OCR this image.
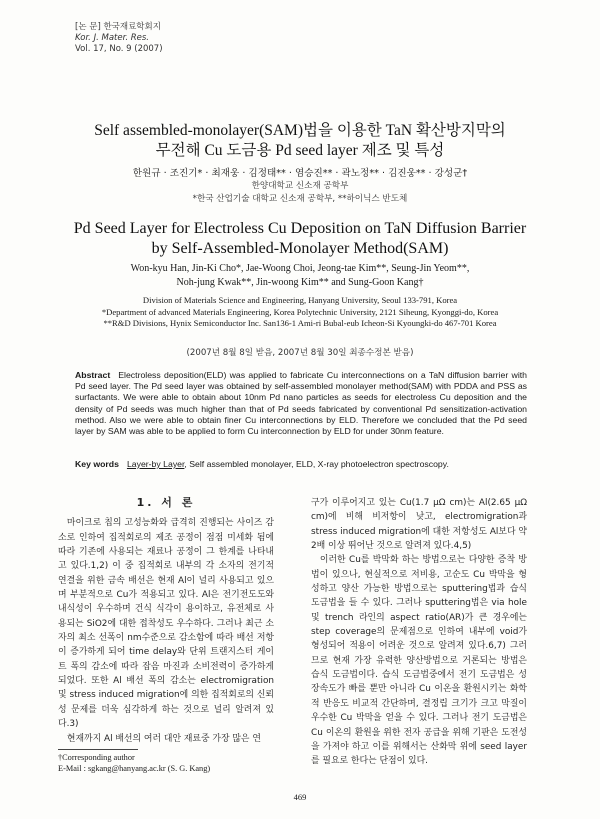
[논 문] 한국재료학회지
Kor. J. Mater. Res.
Vol. 17, No. 9 (2007)
Self assembled-monolayer(SAM)법을 이용한 TaN 확산방지막의
무전해 Cu 도금용 Pd seed layer 제조 및 특성
한원규 · 조진기* · 최재웅 · 김정태** · 염승진** · 곽노정** · 김진웅** · 강성군†
한양대학교 신소재 공학부
*한국 산업기술 대학교 신소재 공학부, **하이닉스 반도체
Pd Seed Layer for Electroless Cu Deposition on TaN Diffusion Barrier
by Self-Assembled-Monolayer Method(SAM)
Won-kyu Han, Jin-Ki Cho*, Jae-Woong Choi, Jeong-tae Kim**, Seung-Jin Yeom**,
Noh-jung Kwak**, Jin-woong Kim** and Sung-Goon Kang†
Division of Materials Science and Engineering, Hanyang University, Seoul 133-791, Korea
*Department of advanced Materials Engineering, Korea Polytechnic University, 2121 Siheung, Kyonggi-do, Korea
**R&D Divisions, Hynix Semiconductor Inc. San136-1 Ami-ri Bubal-eub Icheon-Si Kyoungki-do 467-701 Korea
(2007년 8월 8일 받음, 2007년 8월 30일 최종수정본 받음)
Abstract Electroless deposition(ELD) was applied to fabricate Cu interconnections on a TaN diffusion barrier with Pd seed layer. The Pd seed layer was obtained by self-assembled monolayer method(SAM) with PDDA and PSS as surfactants. We were able to obtain about 10nm Pd nano particles as seeds for electroless Cu deposition and the density of Pd seeds was much higher than that of Pd seeds fabricated by conventional Pd sensitization-activation method. Also we were able to obtain finer Cu interconnections by ELD. Therefore we concluded that the Pd seed layer by SAM was able to be applied to form Cu interconnection by ELD for under 30nm feature.
Key words Layer-by Layer, Self assembled monolayer, ELD, X-ray photoelectron spectroscopy.
1. 서 론

마이크로 칩의 고성능화와 급격히 진행되는 사이즈 감소로 인하여 집적회로의 제조 공정이 점점 미세화 됨에 따라 기존에 사용되는 재료나 공정이 그 한계를 나타내고 있다.1,2) 이 중 집적회로 내부의 각 소자의 전기적 연결을 위한 금속 배선은 현재 Al이 널리 사용되고 있으며 부분적으로 Cu가 적용되고 있다. Al은 전기전도도와 내식성이 우수하며 건식 식각이 용이하고, 유전체로 사용되는 SiO2에 대한 접착성도 우수하다. 그러나 최근 소자의 최소 선폭이 nm수준으로 감소함에 따라 배선 저항이 증가하게 되어 time delay와 단위 트랜지스터 게이트 폭의 감소에 따라 잡음 마진과 소비전력이 증가하게 되었다. 또한 Al 배선 폭의 감소는 electromigration 및 stress induced migration에 의한 집적회로의 신뢰성 문제를 더욱 심각하게 하는 것으로 널리 알려져 있다.3)

현재까지 Al 배선의 여러 대안 재료중 가장 많은 연

구가 이루어지고 있는 Cu(1.7 μΩ cm)는 Al(2.65 μΩ cm)에 비해 비저항이 낮고, electromigration과 stress induced migration에 대한 저항성도 Al보다 약 2배 이상 뛰어난 것으로 알려져 있다.4,5)

이러한 Cu를 박막화 하는 방법으로는 다양한 증착 방법이 있으나, 현실적으로 저비용, 고순도 Cu 박막을 형성하고 양산 가능한 방법으로는 sputtering법과 습식 도금법을 들 수 있다. 그러나 sputtering법은 via hole 및 trench 라인의 aspect ratio(AR)가 큰 경우에는 step coverage의 문제점으로 인하여 내부에 void가 형성되어 적용이 어려운 것으로 알려져 있다.6,7) 그러므로 현재 가장 유력한 양산방법으로 거론되는 방법은 습식 도금법이다. 습식 도금법중에서 전기 도금법은 성장속도가 빠를 뿐만 아니라 Cu 이온을 환원시키는 화학적 반응도 비교적 간단하며, 결정립 크기가 크고 막질이 우수한 Cu 박막을 얻을 수 있다. 그러나 전기 도금법은 Cu 이온의 환원을 위한 전자 공급을 위해 기판은 도전성을 가져야 하고 이를 위해서는 산화막 위에 seed layer를 필요로 한다는 단점이 있다.

†Corresponding author
E-Mail : sgkang@hanyang.ac.kr (S. G. Kang)
469
